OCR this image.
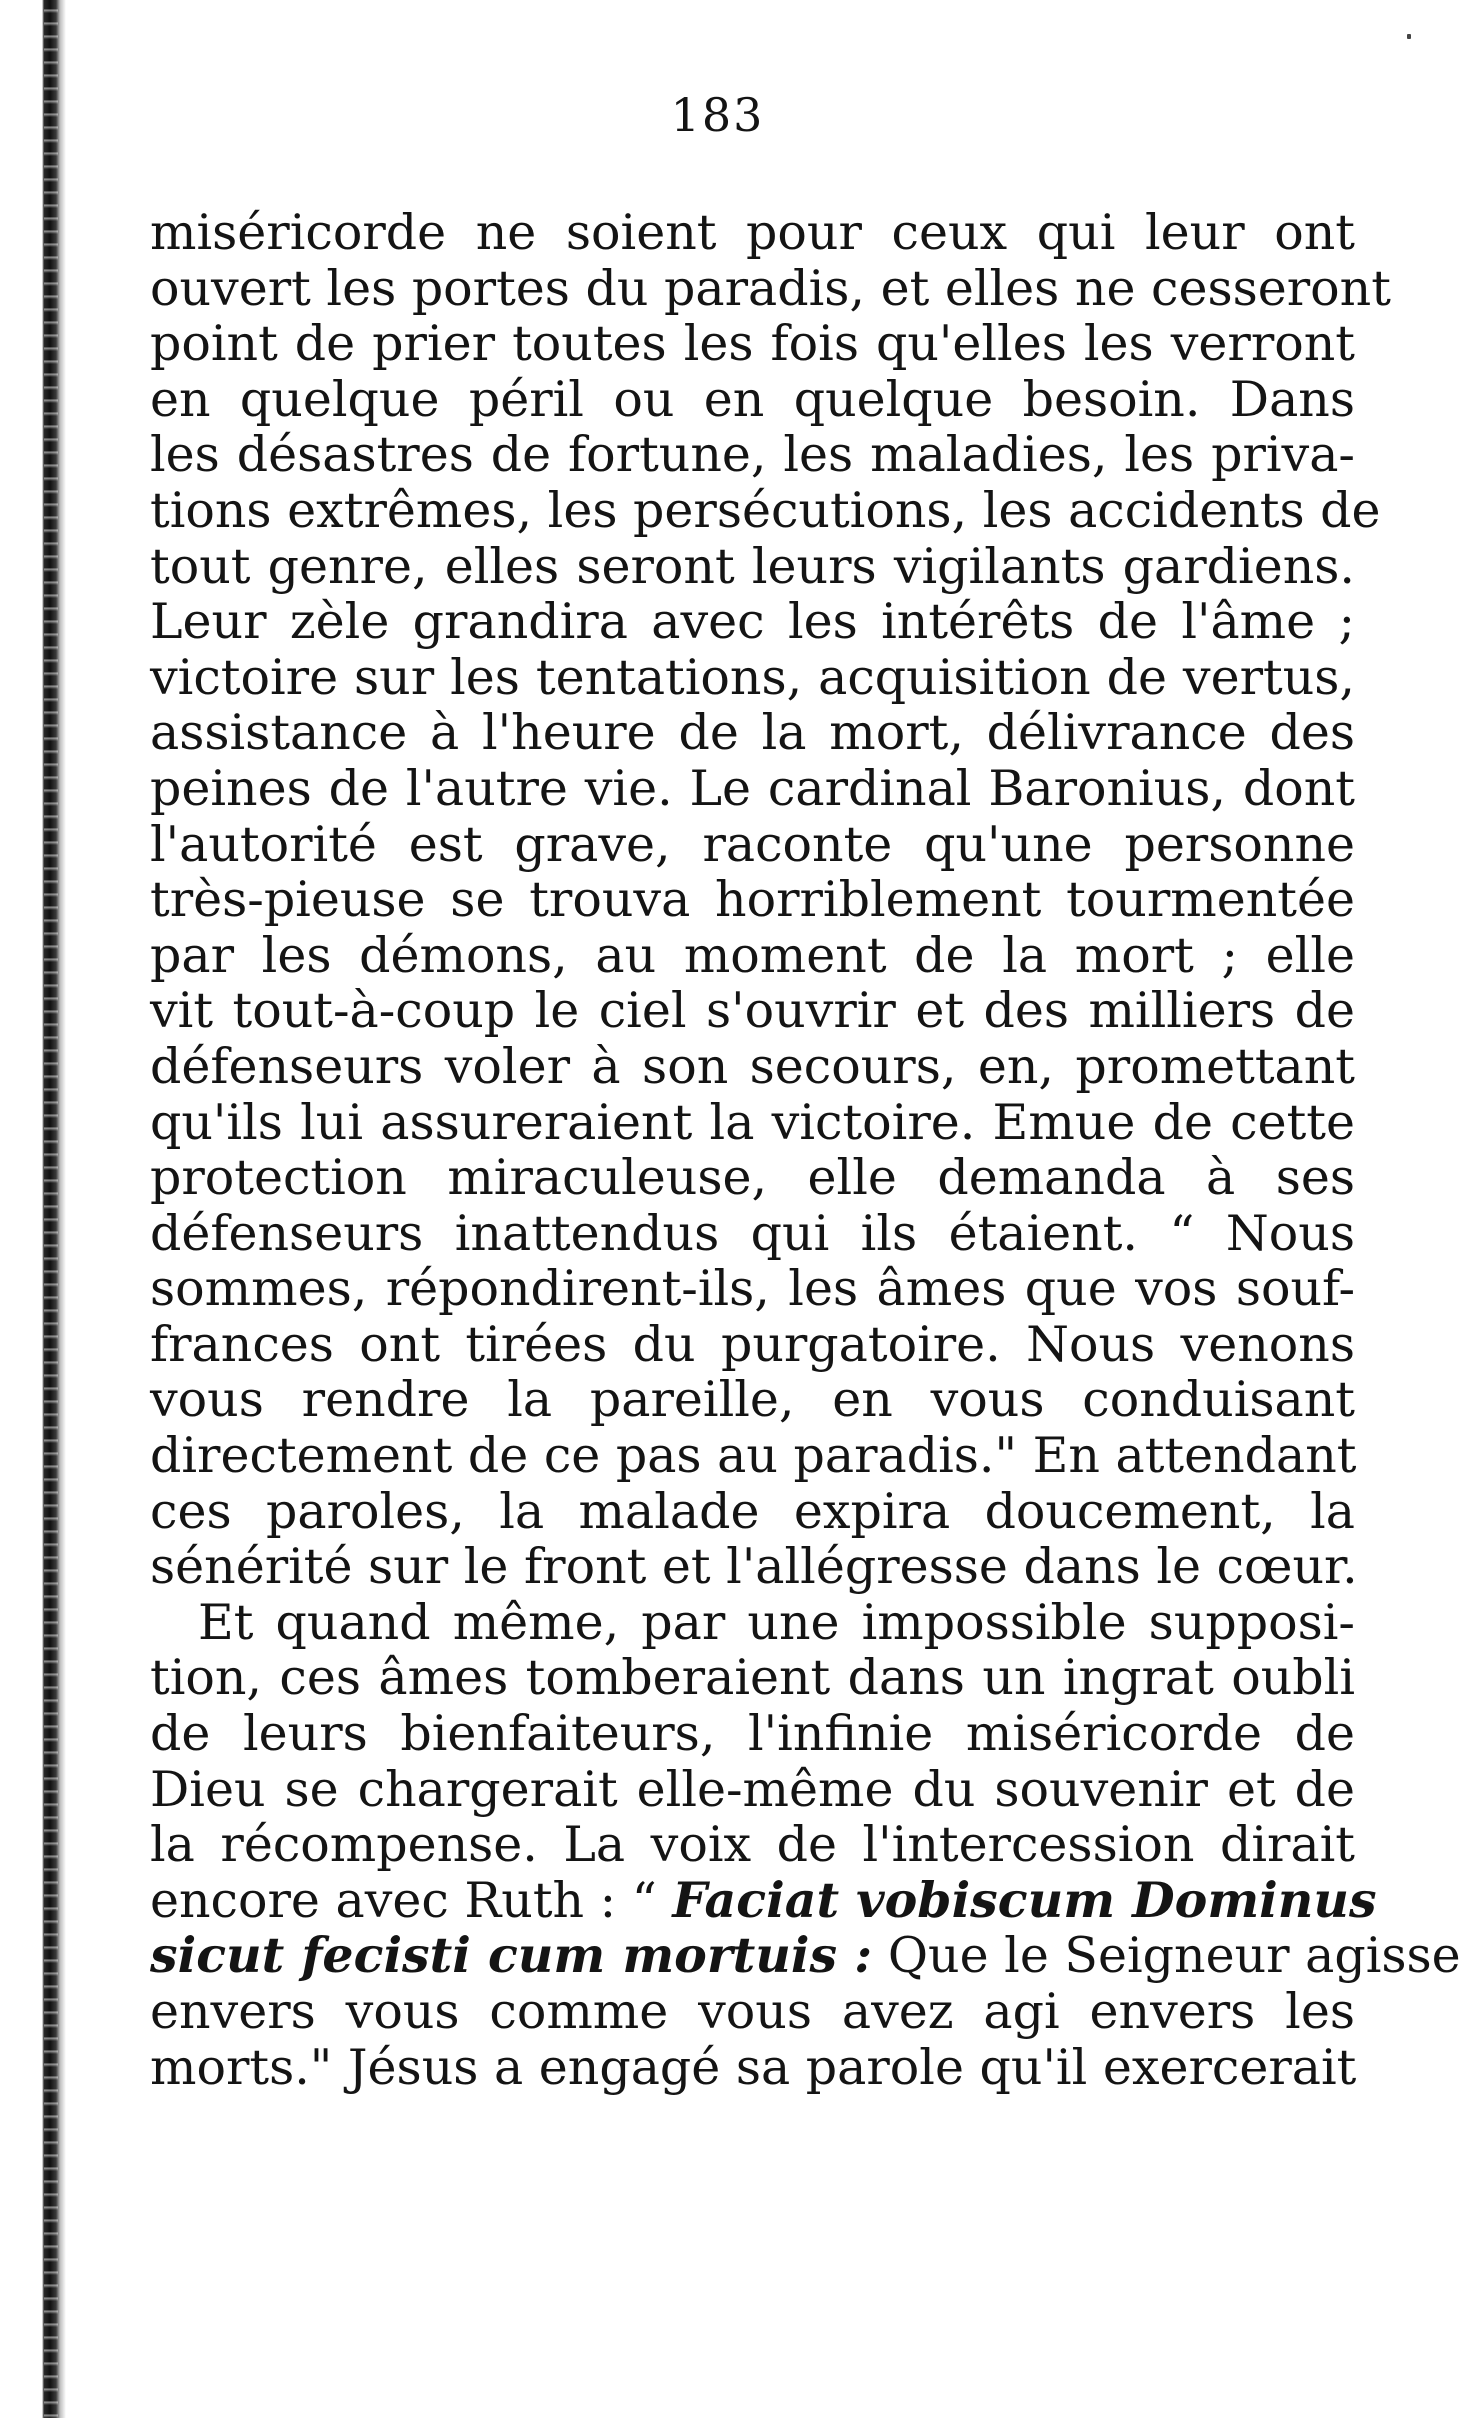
183
miséricorde ne soient pour ceux qui leur ont
ouvert les portes du paradis, et elles ne cesseront
point de prier toutes les fois qu'elles les verront
en quelque péril ou en quelque besoin. Dans
les désastres de fortune, les maladies, les priva-
tions extrêmes, les persécutions, les accidents de
tout genre, elles seront leurs vigilants gardiens.
Leur zèle grandira avec les intérêts de l'âme ;
victoire sur les tentations, acquisition de vertus,
assistance à l'heure de la mort, délivrance des
peines de l'autre vie. Le cardinal Baronius, dont
l'autorité est grave, raconte qu'une personne
très-pieuse se trouva horriblement tourmentée
par les démons, au moment de la mort ; elle
vit tout-à-coup le ciel s'ouvrir et des milliers de
défenseurs voler à son secours, en, promettant
qu'ils lui assureraient la victoire. Emue de cette
protection miraculeuse, elle demanda à ses
défenseurs inattendus qui ils étaient. “ Nous
sommes, répondirent-ils, les âmes que vos souf-
frances ont tirées du purgatoire. Nous venons
vous rendre la pareille, en vous conduisant
directement de ce pas au paradis." En attendant
ces paroles, la malade expira doucement, la
sénérité sur le front et l'allégresse dans le cœur.
Et quand même, par une impossible supposi-
tion, ces âmes tomberaient dans un ingrat oubli
de leurs bienfaiteurs, l'infinie miséricorde de
Dieu se chargerait elle-même du souvenir et de
la récompense. La voix de l'intercession dirait
encore avec Ruth : “ Faciat vobiscum Dominus
sicut fecisti cum mortuis : Que le Seigneur agisse
envers vous comme vous avez agi envers les
morts." Jésus a engagé sa parole qu'il exercerait
